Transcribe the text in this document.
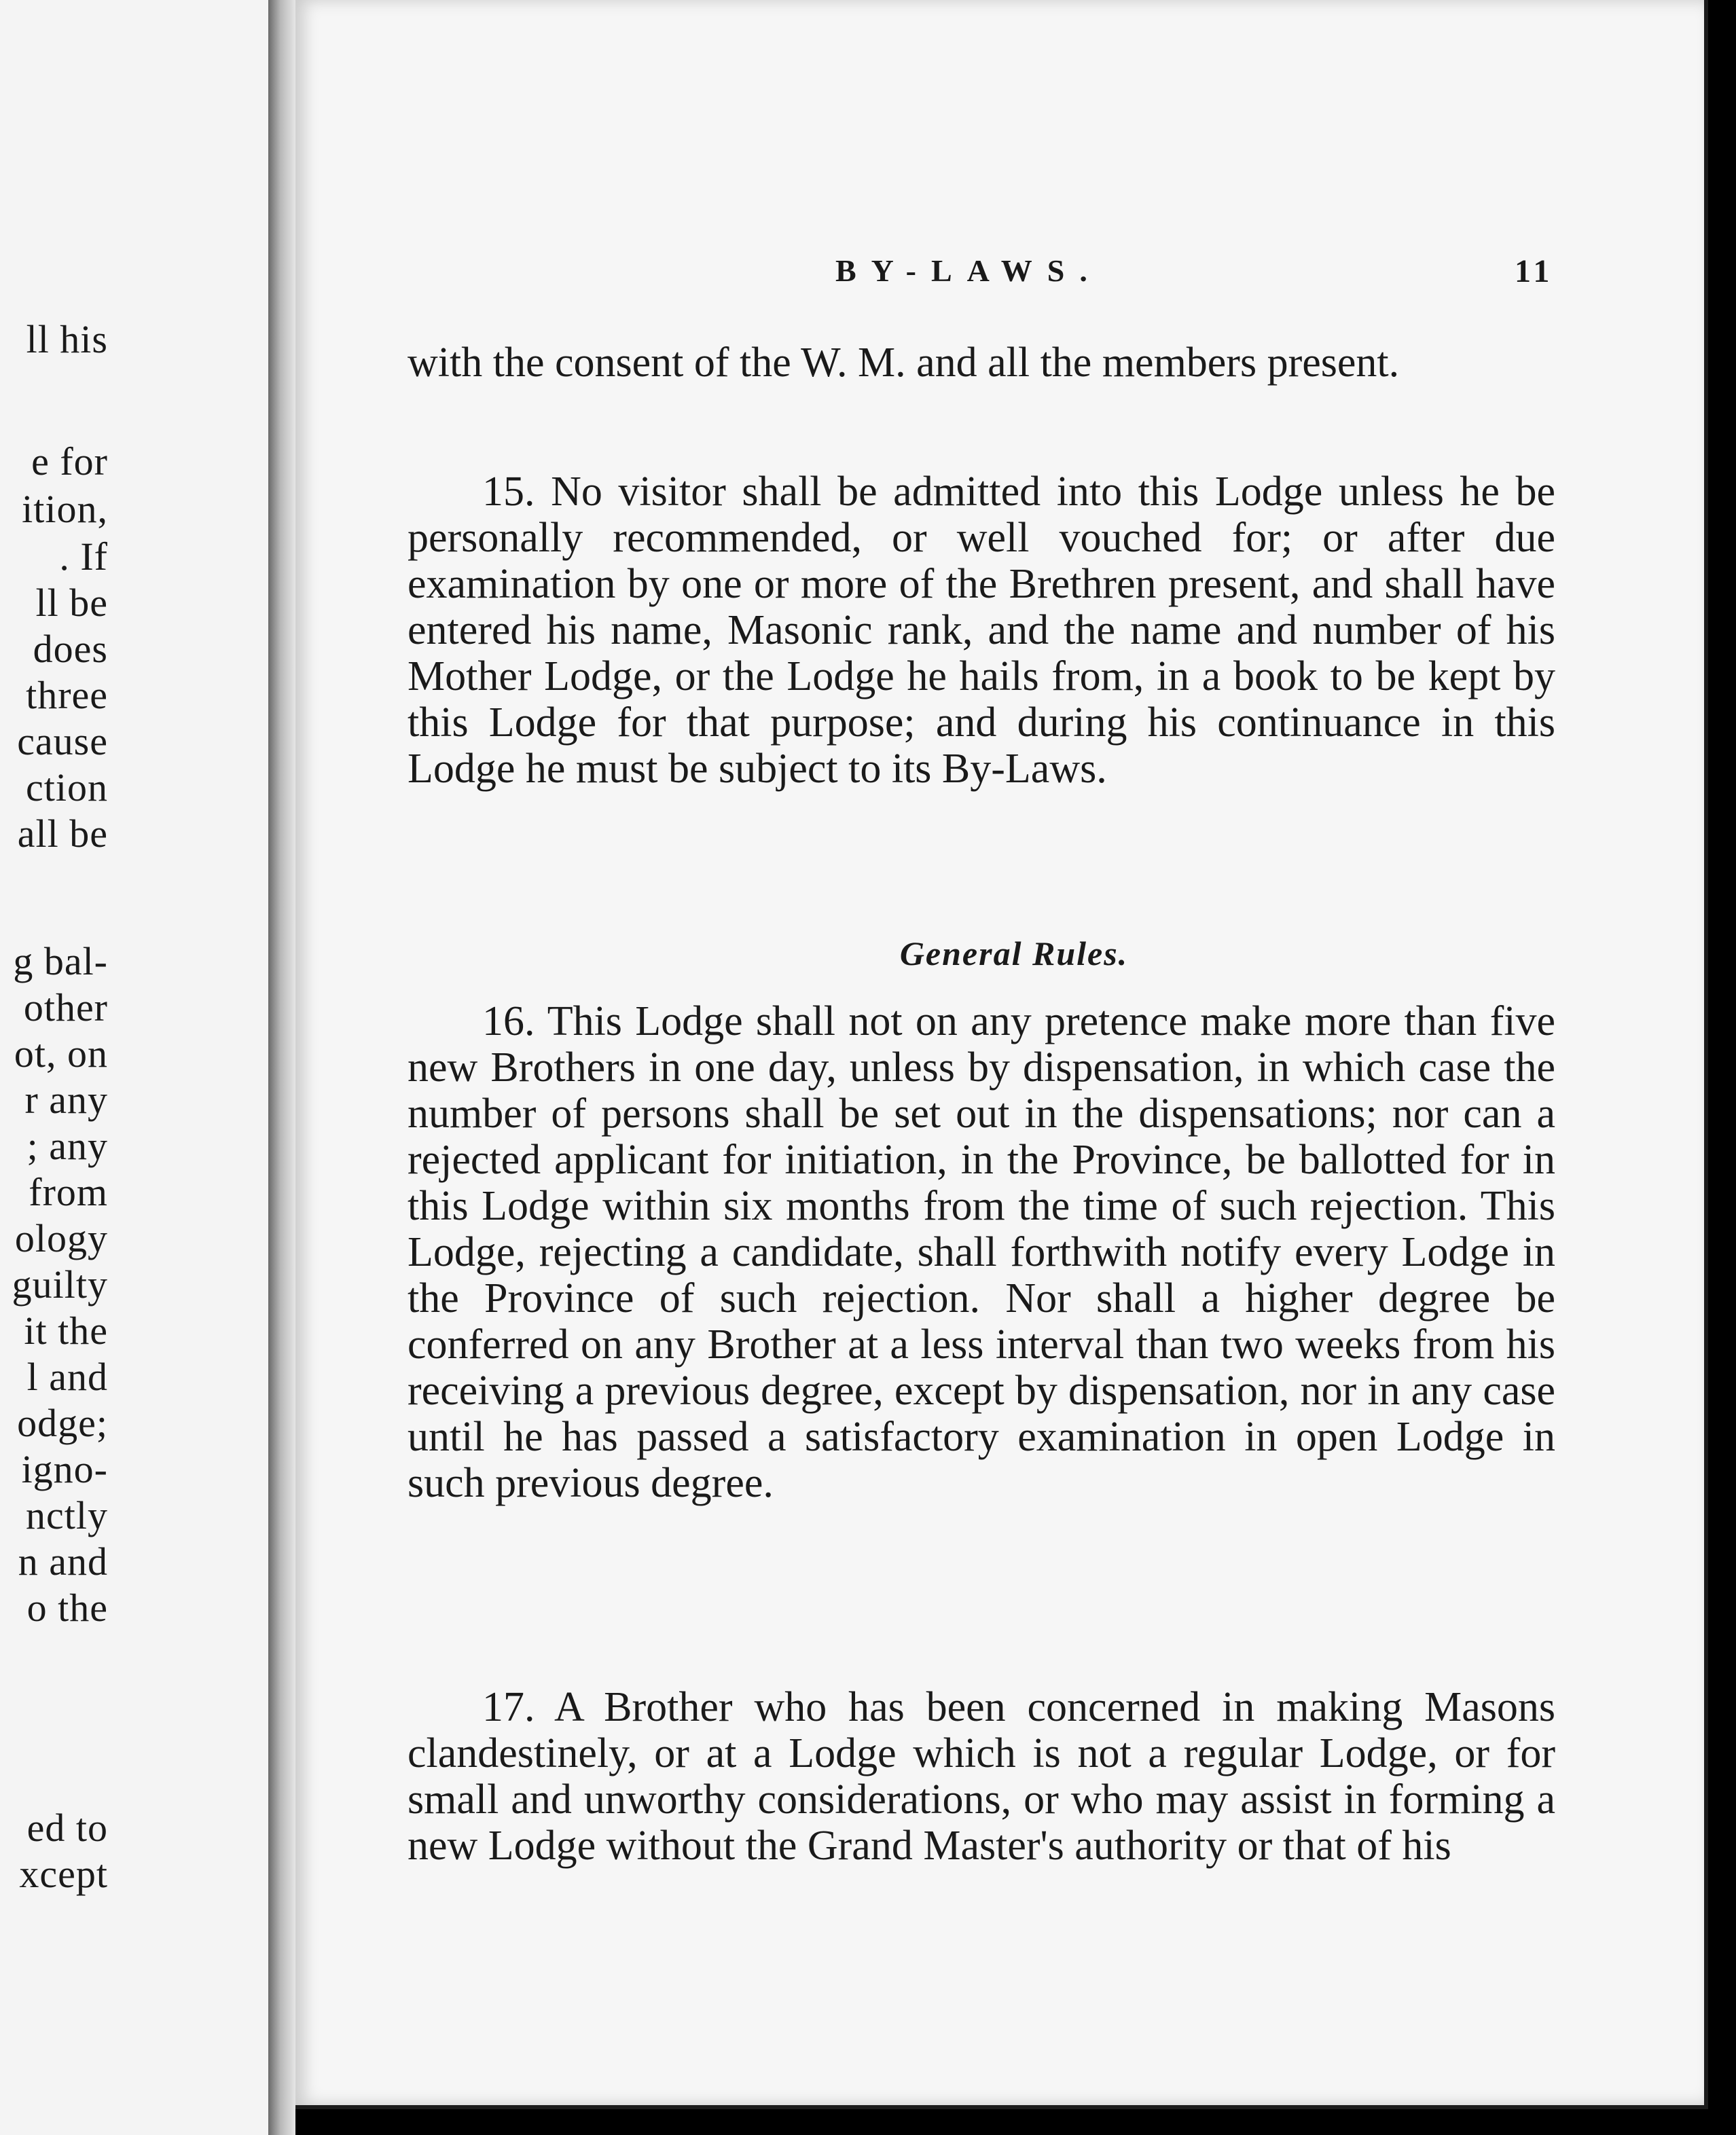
ll his
e for
ition,
. If
ll be
does
three
cause
ction
all be
g bal-
other
ot, on
r any
; any
from
ology
guilty
it the
l and
odge;
igno-
nctly
n and
o the
ed to
xcept
BY-LAWS.	11

with the consent of the W. M. and all the members present.

15. No visitor shall be admitted into this Lodge unless he be personally recommended, or well vouched for; or after due examination by one or more of the Brethren present, and shall have entered his name, Masonic rank, and the name and number of his Mother Lodge, or the Lodge he hails from, in a book to be kept by this Lodge for that purpose; and during his continuance in this Lodge he must be subject to its By-Laws.

General Rules.

16. This Lodge shall not on any pretence make more than five new Brothers in one day, unless by dispensation, in which case the number of persons shall be set out in the dispensations; nor can a rejected applicant for initiation, in the Province, be ballotted for in this Lodge within six months from the time of such rejection. This Lodge, rejecting a candidate, shall forthwith notify every Lodge in the Province of such rejection. Nor shall a higher degree be conferred on any Brother at a less interval than two weeks from his receiving a previous degree, except by dispensation, nor in any case until he has passed a satisfactory examination in open Lodge in such previous degree.

17. A Brother who has been concerned in making Masons clandestinely, or at a Lodge which is not a regular Lodge, or for small and unworthy considerations, or who may assist in forming a new Lodge without the Grand Master's authority or that of his
